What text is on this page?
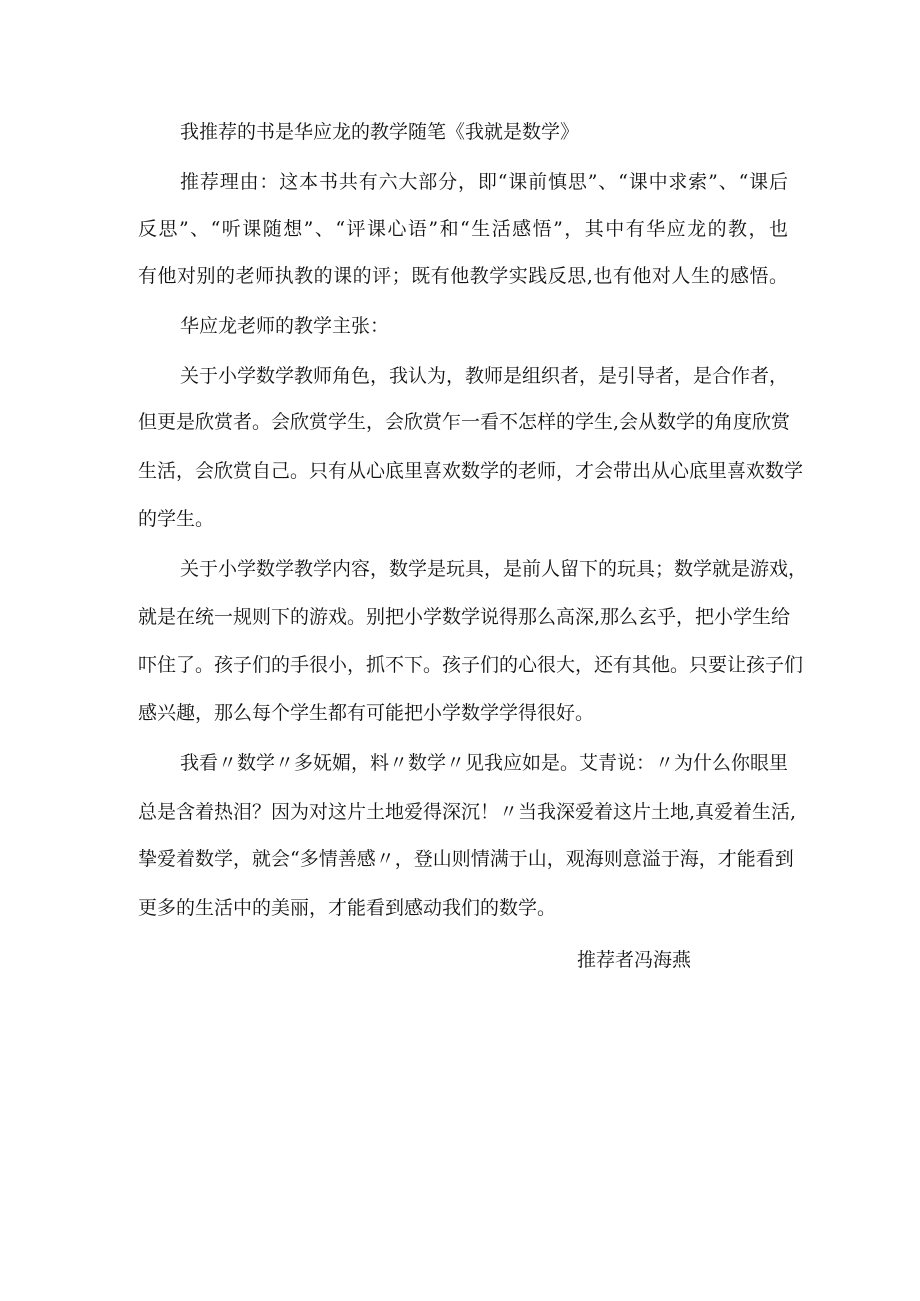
我推荐的书是华应龙的教学随笔《我就是数学》
推荐理由：这本书共有六大部分，即“课前慎思”、“课中求索”、“课后
反思”、“听课随想”、“评课心语”和“生活感悟”，其中有华应龙的教，也
有他对别的老师执教的课的评；既有他教学实践反思,也有他对人生的感悟。
华应龙老师的教学主张：
关于小学数学教师角色，我认为，教师是组织者，是引导者，是合作者，
但更是欣赏者。会欣赏学生，会欣赏乍一看不怎样的学生,会从数学的角度欣赏
生活，会欣赏自己。只有从心底里喜欢数学的老师，才会带出从心底里喜欢数学
的学生。
关于小学数学教学内容，数学是玩具，是前人留下的玩具；数学就是游戏，
就是在统一规则下的游戏。别把小学数学说得那么高深,那么玄乎，把小学生给
吓住了。孩子们的手很小，抓不下。孩子们的心很大，还有其他。只要让孩子们
感兴趣，那么每个学生都有可能把小学数学学得很好。
我看〃数学〃多妩媚，料〃数学〃见我应如是。艾青说：〃为什么你眼里
总是含着热泪？因为对这片土地爱得深沉！〃当我深爱着这片土地,真爱着生活,
挚爱着数学，就会“多情善感〃，登山则情满于山，观海则意溢于海，才能看到
更多的生活中的美丽，才能看到感动我们的数学。
推荐者冯海燕
